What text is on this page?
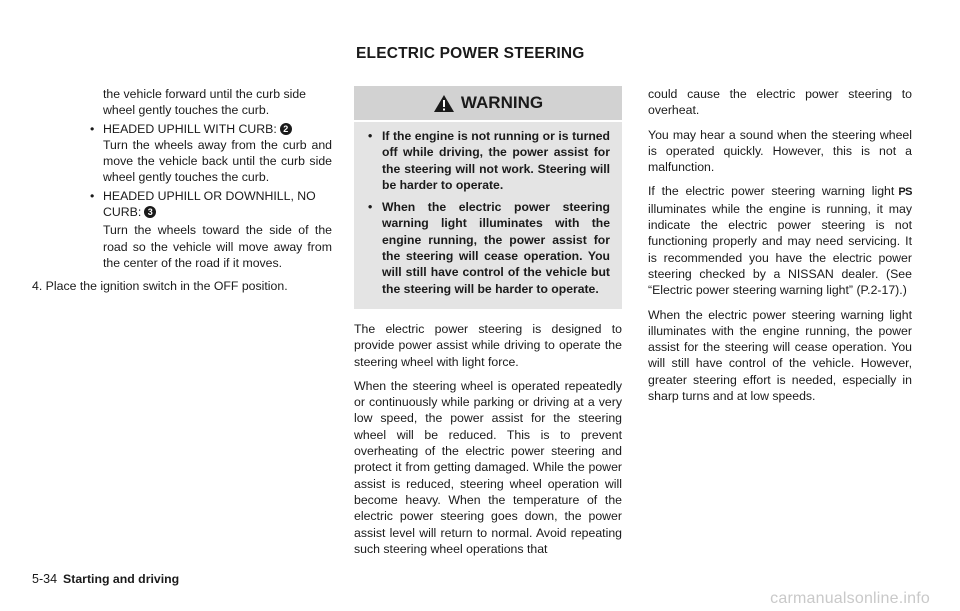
ELECTRIC POWER STEERING
the vehicle forward until the curb side
wheel gently touches the curb.
• HEADED UPHILL WITH CURB: 2

Turn the wheels away from the curb and move the vehicle back until the curb side wheel gently touches the curb.

• HEADED UPHILL OR DOWNHILL, NO
CURB: 3

Turn the wheels toward the side of the road so the vehicle will move away from the center of the road if it moves.

4. Place the ignition switch in the OFF position.

WARNING
• If the engine is not running or is turned off while driving, the power assist for the steering will not work. Steering will be harder to operate.
• When the electric power steering warning light illuminates with the engine running, the power assist for the steering will cease operation. You will still have control of the vehicle but the steering will be harder to operate.

The electric power steering is designed to provide power assist while driving to operate the steering wheel with light force.

When the steering wheel is operated repeatedly or continuously while parking or driving at a very low speed, the power assist for the steering wheel will be reduced. This is to prevent overheating of the electric power steering and protect it from getting damaged. While the power assist is reduced, steering wheel operation will become heavy. When the temperature of the electric power steering goes down, the power assist level will return to normal. Avoid repeating such steering wheel operations that

could cause the electric power steering to overheat.

You may hear a sound when the steering wheel is operated quickly. However, this is not a malfunction.

If the electric power steering warning light PS illuminates while the engine is running, it may indicate the electric power steering is not functioning properly and may need servicing. It is recommended you have the electric power steering checked by a NISSAN dealer. (See “Electric power steering warning light” (P.2-17).)

When the electric power steering warning light illuminates with the engine running, the power assist for the steering will cease operation. You will still have control of the vehicle. However, greater steering effort is needed, especially in sharp turns and at low speeds.

5-34 Starting and driving
carmanualsonline.info
